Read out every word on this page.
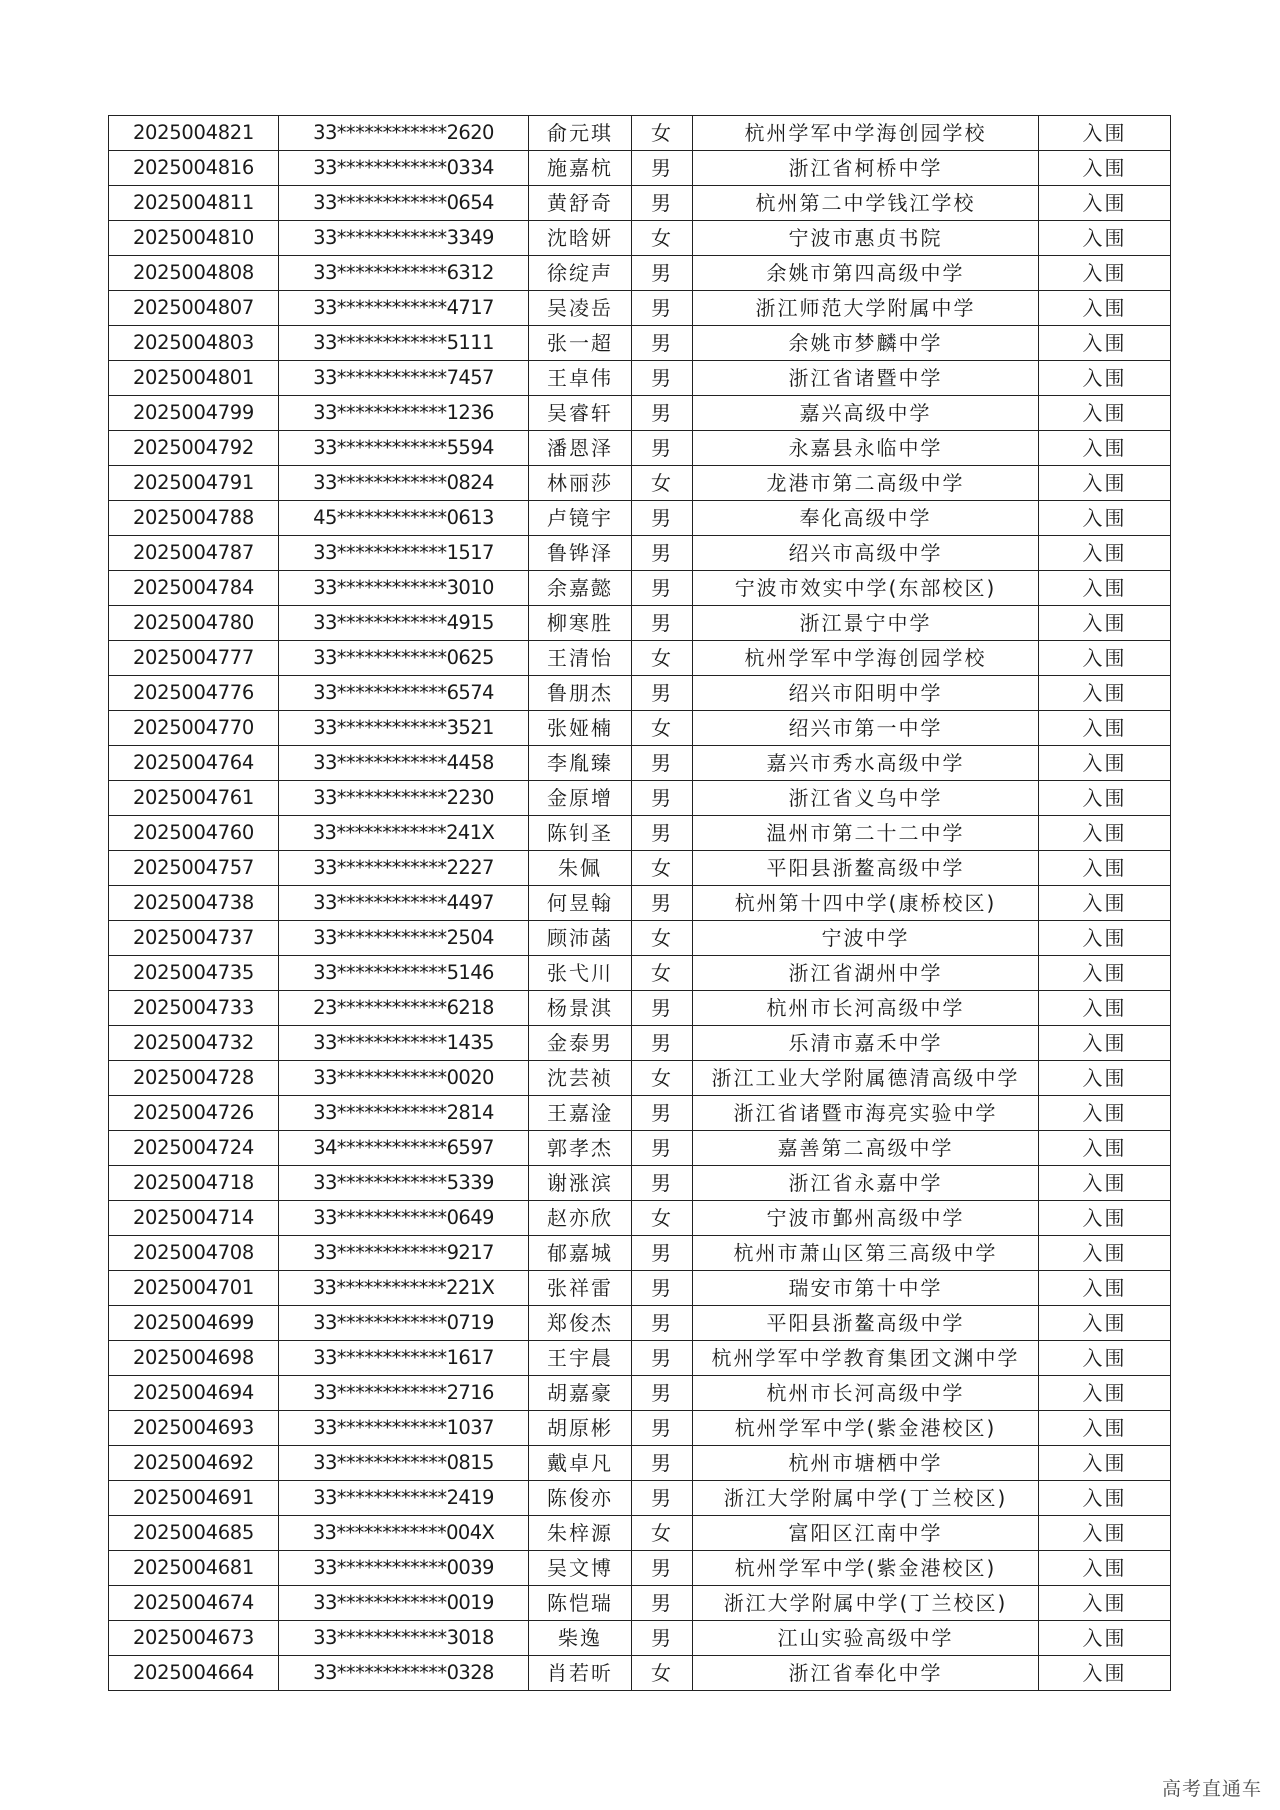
2025004821	33************2620	俞元琪	女	杭州学军中学海创园学校	入围
2025004816	33************0334	施嘉杭	男	浙江省柯桥中学	入围
2025004811	33************0654	黄舒奇	男	杭州第二中学钱江学校	入围
2025004810	33************3349	沈晗妍	女	宁波市惠贞书院	入围
2025004808	33************6312	徐绽声	男	余姚市第四高级中学	入围
2025004807	33************4717	吴凌岳	男	浙江师范大学附属中学	入围
2025004803	33************5111	张一超	男	余姚市梦麟中学	入围
2025004801	33************7457	王卓伟	男	浙江省诸暨中学	入围
2025004799	33************1236	吴睿轩	男	嘉兴高级中学	入围
2025004792	33************5594	潘恩泽	男	永嘉县永临中学	入围
2025004791	33************0824	林丽莎	女	龙港市第二高级中学	入围
2025004788	45************0613	卢镜宇	男	奉化高级中学	入围
2025004787	33************1517	鲁铧泽	男	绍兴市高级中学	入围
2025004784	33************3010	余嘉懿	男	宁波市效实中学(东部校区)	入围
2025004780	33************4915	柳寒胜	男	浙江景宁中学	入围
2025004777	33************0625	王清怡	女	杭州学军中学海创园学校	入围
2025004776	33************6574	鲁朋杰	男	绍兴市阳明中学	入围
2025004770	33************3521	张娅楠	女	绍兴市第一中学	入围
2025004764	33************4458	李胤臻	男	嘉兴市秀水高级中学	入围
2025004761	33************2230	金原增	男	浙江省义乌中学	入围
2025004760	33************241X	陈钊圣	男	温州市第二十二中学	入围
2025004757	33************2227	朱佩	女	平阳县浙鳌高级中学	入围
2025004738	33************4497	何昱翰	男	杭州第十四中学(康桥校区)	入围
2025004737	33************2504	顾沛菡	女	宁波中学	入围
2025004735	33************5146	张弋川	女	浙江省湖州中学	入围
2025004733	23************6218	杨景淇	男	杭州市长河高级中学	入围
2025004732	33************1435	金泰男	男	乐清市嘉禾中学	入围
2025004728	33************0020	沈芸祯	女	浙江工业大学附属德清高级中学	入围
2025004726	33************2814	王嘉淦	男	浙江省诸暨市海亮实验中学	入围
2025004724	34************6597	郭孝杰	男	嘉善第二高级中学	入围
2025004718	33************5339	谢涨滨	男	浙江省永嘉中学	入围
2025004714	33************0649	赵亦欣	女	宁波市鄞州高级中学	入围
2025004708	33************9217	郁嘉城	男	杭州市萧山区第三高级中学	入围
2025004701	33************221X	张祥雷	男	瑞安市第十中学	入围
2025004699	33************0719	郑俊杰	男	平阳县浙鳌高级中学	入围
2025004698	33************1617	王宇晨	男	杭州学军中学教育集团文渊中学	入围
2025004694	33************2716	胡嘉豪	男	杭州市长河高级中学	入围
2025004693	33************1037	胡原彬	男	杭州学军中学(紫金港校区)	入围
2025004692	33************0815	戴卓凡	男	杭州市塘栖中学	入围
2025004691	33************2419	陈俊亦	男	浙江大学附属中学(丁兰校区)	入围
2025004685	33************004X	朱梓源	女	富阳区江南中学	入围
2025004681	33************0039	吴文博	男	杭州学军中学(紫金港校区)	入围
2025004674	33************0019	陈恺瑞	男	浙江大学附属中学(丁兰校区)	入围
2025004673	33************3018	柴逸	男	江山实验高级中学	入围
2025004664	33************0328	肖若昕	女	浙江省奉化中学	入围
高考直通车
